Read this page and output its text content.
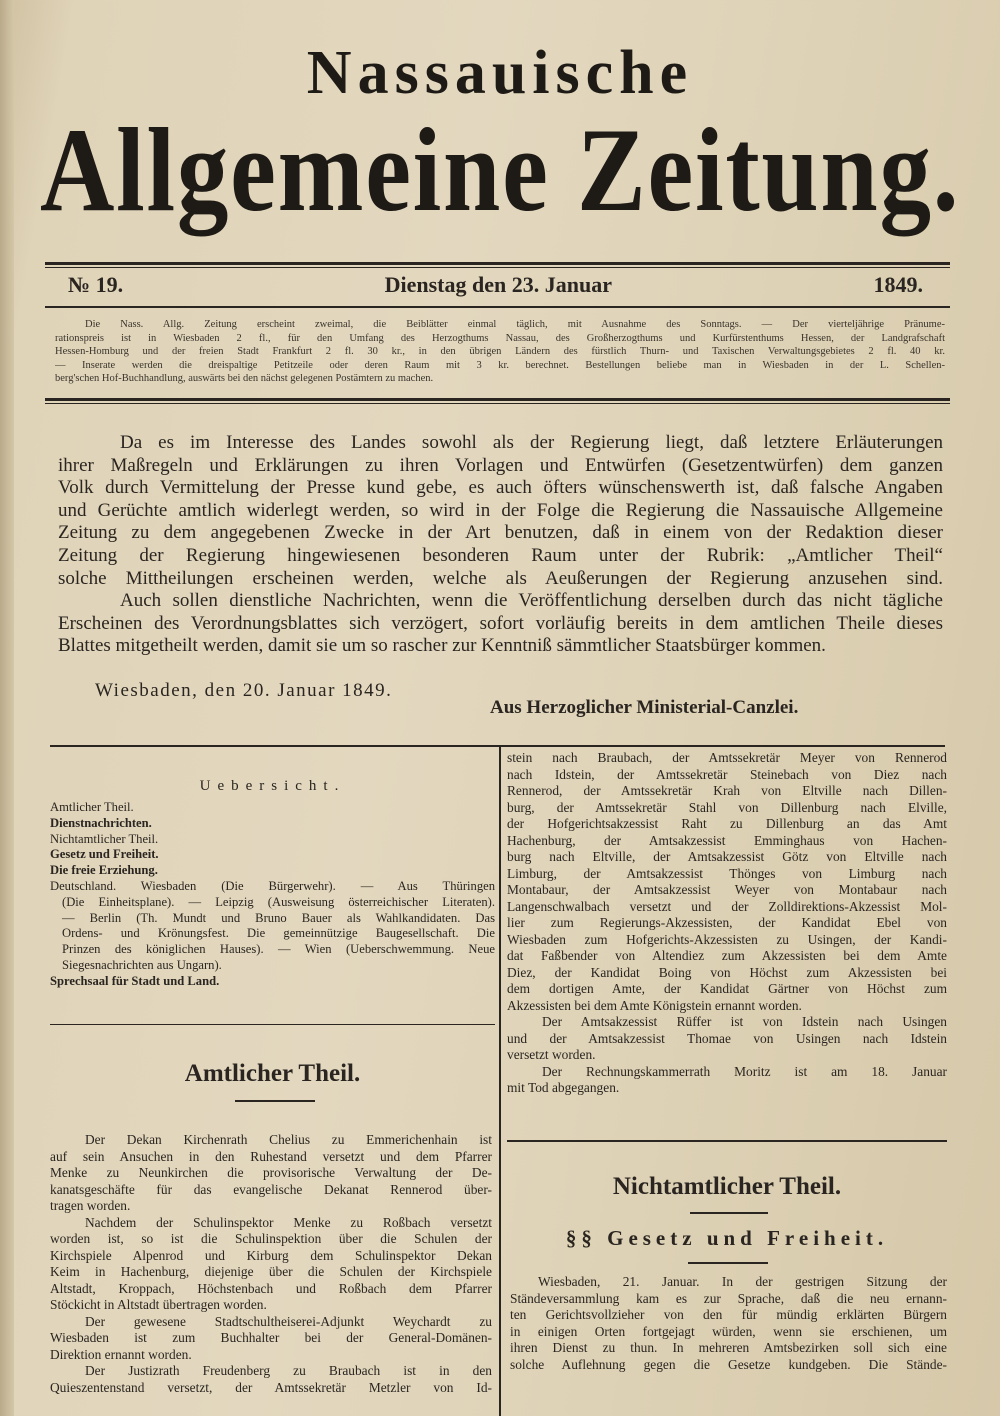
Nassauische
Allgemeine Zeitung.
№ 19.	Dienstag den 23. Januar	1849.
Die Nass. Allg. Zeitung erscheint zweimal, die Beiblätter einmal täglich, mit Ausnahme des Sonntags. — Der vierteljährige Pränume-
rationspreis ist in Wiesbaden 2 fl., für den Umfang des Herzogthums Nassau, des Großherzogthums und Kurfürstenthums Hessen, der Landgrafschaft
Hessen-Homburg und der freien Stadt Frankfurt 2 fl. 30 kr., in den übrigen Ländern des fürstlich Thurn- und Taxischen Verwaltungsgebietes 2 fl. 40 kr.
— Inserate werden die dreispaltige Petitzeile oder deren Raum mit 3 kr. berechnet. Bestellungen beliebe man in Wiesbaden in der L. Schellen-
berg'schen Hof-Buchhandlung, auswärts bei den nächst gelegenen Postämtern zu machen.
Da es im Interesse des Landes sowohl als der Regierung liegt, daß letztere Erläuterungen
ihrer Maßregeln und Erklärungen zu ihren Vorlagen und Entwürfen (Gesetzentwürfen) dem ganzen
Volk durch Vermittelung der Presse kund gebe, es auch öfters wünschenswerth ist, daß falsche Angaben
und Gerüchte amtlich widerlegt werden, so wird in der Folge die Regierung die Nassauische Allgemeine
Zeitung zu dem angegebenen Zwecke in der Art benutzen, daß in einem von der Redaktion dieser
Zeitung der Regierung hingewiesenen besonderen Raum unter der Rubrik: „Amtlicher Theil“
solche Mittheilungen erscheinen werden, welche als Aeußerungen der Regierung anzusehen sind.
Auch sollen dienstliche Nachrichten, wenn die Veröffentlichung derselben durch das nicht tägliche
Erscheinen des Verordnungsblattes sich verzögert, sofort vorläufig bereits in dem amtlichen Theile dieses
Blattes mitgetheilt werden, damit sie um so rascher zur Kenntniß sämmtlicher Staatsbürger kommen.
Wiesbaden, den 20. Januar 1849.
Aus Herzoglicher Ministerial-Canzlei.
Uebersicht.
Amtlicher Theil.
Dienstnachrichten.
Nichtamtlicher Theil.
Gesetz und Freiheit.
Die freie Erziehung.
Deutschland. Wiesbaden (Die Bürgerwehr). — Aus Thüringen
(Die Einheitsplane). — Leipzig (Ausweisung österreichischer Literaten).
— Berlin (Th. Mundt und Bruno Bauer als Wahlkandidaten. Das
Ordens- und Krönungsfest. Die gemeinnützige Baugesellschaft. Die
Prinzen des königlichen Hauses). — Wien (Ueberschwemmung. Neue
Siegesnachrichten aus Ungarn).
Sprechsaal für Stadt und Land.
Amtlicher Theil.
Der Dekan Kirchenrath Chelius zu Emmerichenhain ist
auf sein Ansuchen in den Ruhestand versetzt und dem Pfarrer
Menke zu Neunkirchen die provisorische Verwaltung der De-
kanatsgeschäfte für das evangelische Dekanat Rennerod über-
tragen worden.
Nachdem der Schulinspektor Menke zu Roßbach versetzt
worden ist, so ist die Schulinspektion über die Schulen der
Kirchspiele Alpenrod und Kirburg dem Schulinspektor Dekan
Keim in Hachenburg, diejenige über die Schulen der Kirchspiele
Altstadt, Kroppach, Höchstenbach und Roßbach dem Pfarrer
Stöckicht in Altstadt übertragen worden.
Der gewesene Stadtschultheiserei-Adjunkt Weychardt zu
Wiesbaden ist zum Buchhalter bei der General-Domänen-
Direktion ernannt worden.
Der Justizrath Freudenberg zu Braubach ist in den
Quieszentenstand versetzt, der Amtssekretär Metzler von Id-
stein nach Braubach, der Amtssekretär Meyer von Rennerod
nach Idstein, der Amtssekretär Steinebach von Diez nach
Rennerod, der Amtssekretär Krah von Eltville nach Dillen-
burg, der Amtssekretär Stahl von Dillenburg nach Elville,
der Hofgerichtsakzessist Raht zu Dillenburg an das Amt
Hachenburg, der Amtsakzessist Emminghaus von Hachen-
burg nach Eltville, der Amtsakzessist Götz von Eltville nach
Limburg, der Amtsakzessist Thönges von Limburg nach
Montabaur, der Amtsakzessist Weyer von Montabaur nach
Langenschwalbach versetzt und der Zolldirektions-Akzessist Mol-
lier zum Regierungs-Akzessisten, der Kandidat Ebel von
Wiesbaden zum Hofgerichts-Akzessisten zu Usingen, der Kandi-
dat Faßbender von Altendiez zum Akzessisten bei dem Amte
Diez, der Kandidat Boing von Höchst zum Akzessisten bei
dem dortigen Amte, der Kandidat Gärtner von Höchst zum
Akzessisten bei dem Amte Königstein ernannt worden.
Der Amtsakzessist Rüffer ist von Idstein nach Usingen
und der Amtsakzessist Thomae von Usingen nach Idstein
versetzt worden.
Der Rechnungskammerrath Moritz ist am 18. Januar
mit Tod abgegangen.
Nichtamtlicher Theil.
§§ Gesetz und Freiheit.
Wiesbaden, 21. Januar. In der gestrigen Sitzung der
Ständeversammlung kam es zur Sprache, daß die neu ernann-
ten Gerichtsvollzieher von den für mündig erklärten Bürgern
in einigen Orten fortgejagt würden, wenn sie erschienen, um
ihren Dienst zu thun. In mehreren Amtsbezirken soll sich eine
solche Auflehnung gegen die Gesetze kundgeben. Die Stände-
